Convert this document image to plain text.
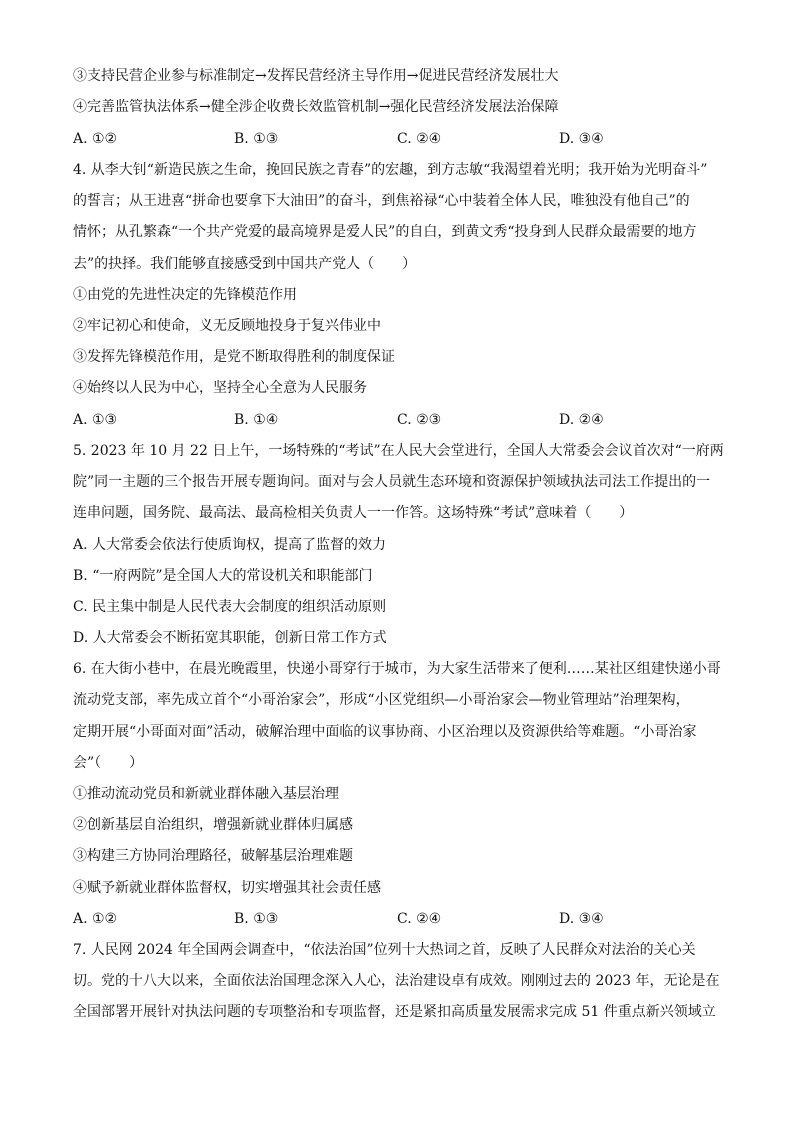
③支持民营企业参与标准制定→发挥民营经济主导作用→促进民营经济发展壮大
④完善监管执法体系→健全涉企收费长效监管机制→强化民营经济发展法治保障
A. ①②	B. ①③	C. ②④	D. ③④
4. 从李大钊“新造民族之生命，挽回民族之青春”的宏趣，到方志敏“我渴望着光明；我开始为光明奋斗”
的誓言；从王进喜“拼命也要拿下大油田”的奋斗，到焦裕禄“心中装着全体人民，唯独没有他自己”的
情怀；从孔繁森“一个共产党爱的最高境界是爱人民”的自白，到黄文秀“投身到人民群众最需要的地方
去”的抉择。我们能够直接感受到中国共产党人（　　）
①由党的先进性决定的先锋模范作用
②牢记初心和使命，义无反顾地投身于复兴伟业中
③发挥先锋模范作用，是党不断取得胜利的制度保证
④始终以人民为中心，坚持全心全意为人民服务
A. ①③	B. ①④	C. ②③	D. ②④
5. 2023 年 10 月 22 日上午，一场特殊的“考试”在人民大会堂进行，全国人大常委会会议首次对“一府两
院”同一主题的三个报告开展专题询问。面对与会人员就生态环境和资源保护领域执法司法工作提出的一
连串问题，国务院、最高法、最高检相关负责人一一作答。这场特殊“考试”意味着（　　）
A. 人大常委会依法行使质询权，提高了监督的效力
B. “一府两院”是全国人大的常设机关和职能部门
C. 民主集中制是人民代表大会制度的组织活动原则
D. 人大常委会不断拓宽其职能，创新日常工作方式
6. 在大街小巷中，在晨光晚霞里，快递小哥穿行于城市，为大家生活带来了便利……某社区组建快递小哥
流动党支部，率先成立首个“小哥治家会”，形成“小区党组织—小哥治家会—物业管理站”治理架构，
定期开展“小哥面对面”活动，破解治理中面临的议事协商、小区治理以及资源供给等难题。“小哥治家
会”（　　）
①推动流动党员和新就业群体融入基层治理
②创新基层自治组织，增强新就业群体归属感
③构建三方协同治理路径，破解基层治理难题
④赋予新就业群体监督权，切实增强其社会责任感
A. ①②	B. ①③	C. ②④	D. ③④
7. 人民网 2024 年全国两会调查中，“依法治国”位列十大热词之首，反映了人民群众对法治的关心关
切。党的十八大以来，全面依法治国理念深入人心，法治建设卓有成效。刚刚过去的 2023 年，无论是在
全国部署开展针对执法问题的专项整治和专项监督，还是紧扣高质量发展需求完成 51 件重点新兴领域立
